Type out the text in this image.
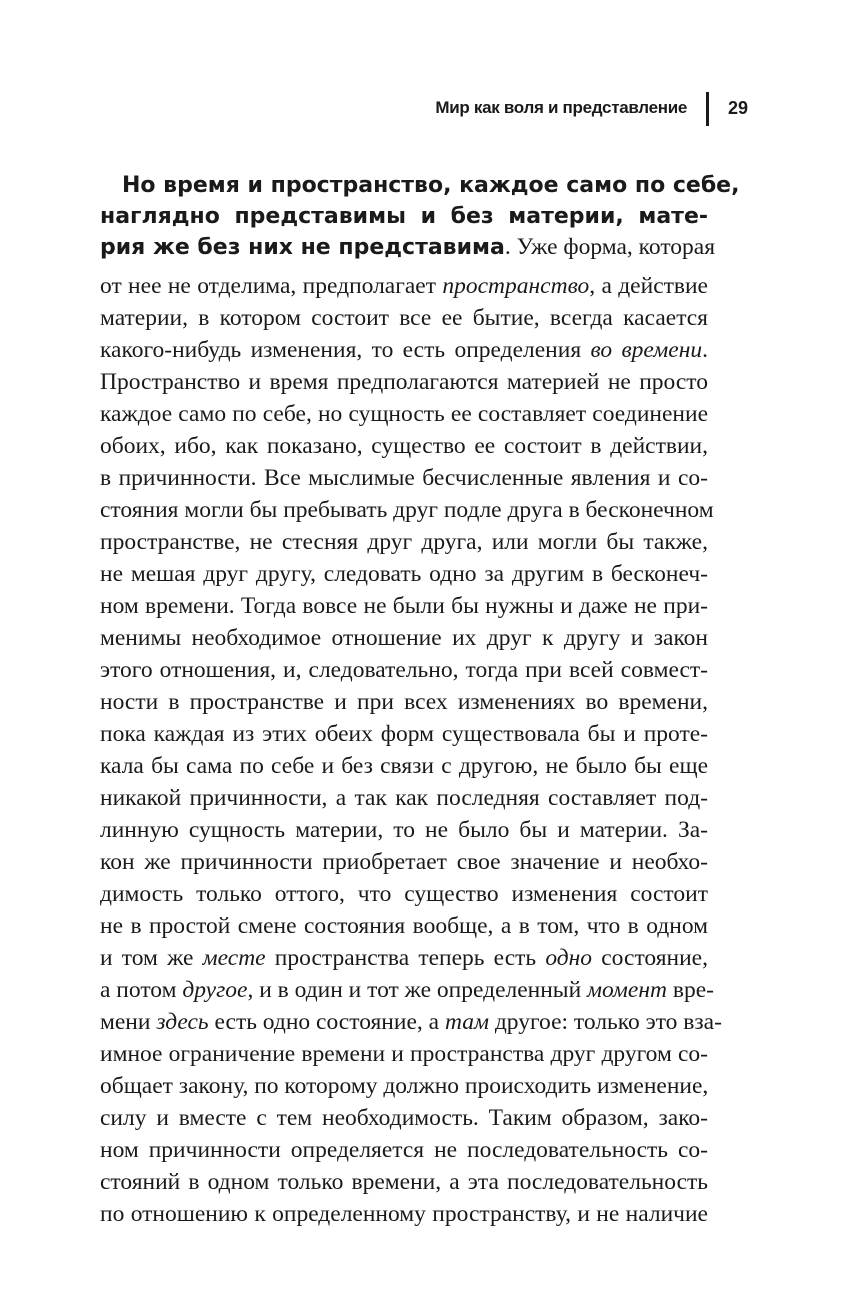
Мир как воля и представление 29
Но время и пространство, каждое само по себе,
наглядно представимы и без материи, мате-
рия же без них не представима. Уже форма, которая
от нее не отделима, предполагает пространство, а действие
материи, в котором состоит все ее бытие, всегда касается
какого-нибудь изменения, то есть определения во времени.
Пространство и время предполагаются материей не просто
каждое само по себе, но сущность ее составляет соединение
обоих, ибо, как показано, существо ее состоит в действии,
в причинности. Все мыслимые бесчисленные явления и со-
стояния могли бы пребывать друг подле друга в бесконечном
пространстве, не стесняя друг друга, или могли бы также,
не мешая друг другу, следовать одно за другим в бесконеч-
ном времени. Тогда вовсе не были бы нужны и даже не при-
менимы необходимое отношение их друг к другу и закон
этого отношения, и, следовательно, тогда при всей совмест-
ности в пространстве и при всех изменениях во времени,
пока каждая из этих обеих форм существовала бы и проте-
кала бы сама по себе и без связи с другою, не было бы еще
никакой причинности, а так как последняя составляет под-
линную сущность материи, то не было бы и материи. За-
кон же причинности приобретает свое значение и необхо-
димость только оттого, что существо изменения состоит
не в простой смене состояния вообще, а в том, что в одном
и том же месте пространства теперь есть одно состояние,
а потом другое, и в один и тот же определенный момент вре-
мени здесь есть одно состояние, а там другое: только это вза-
имное ограничение времени и пространства друг другом со-
общает закону, по которому должно происходить изменение,
силу и вместе с тем необходимость. Таким образом, зако-
ном причинности определяется не последовательность со-
стояний в одном только времени, а эта последовательность
по отношению к определенному пространству, и не наличие
